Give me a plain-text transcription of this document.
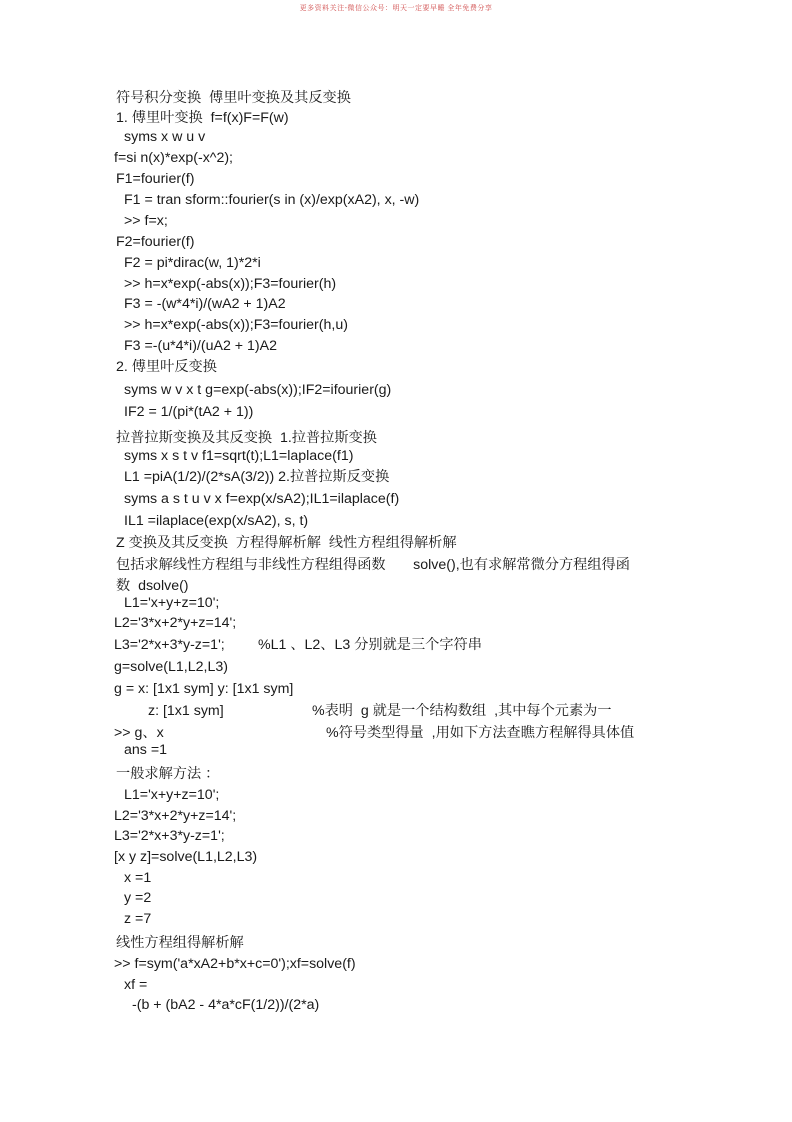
更多资料关注-微信公众号：明天一定要早睡 全年免费分享
符号积分变换  傅里叶变换及其反变换
1. 傅里叶变换  f=f(x)F=F(w)
syms x w u v
f=si n(x)*exp(-x^2);
F1=fourier(f)
F1 = tran sform::fourier(s in (x)/exp(xA2), x, -w)
>> f=x;
F2=fourier(f)
F2 = pi*dirac(w, 1)*2*i
>> h=x*exp(-abs(x));F3=fourier(h)
F3 = -(w*4*i)/(wA2 + 1)A2
>> h=x*exp(-abs(x));F3=fourier(h,u)
F3 =-(u*4*i)/(uA2 + 1)A2
2. 傅里叶反变换
syms w v x t g=exp(-abs(x));IF2=ifourier(g)
IF2 = 1/(pi*(tA2 + 1))
拉普拉斯变换及其反变换  1.拉普拉斯变换
syms x s t v f1=sqrt(t);L1=laplace(f1)
L1 =piA(1/2)/(2*sA(3/2)) 2.拉普拉斯反变换
syms a s t u v x f=exp(x/sA2);IL1=ilaplace(f)
IL1 =ilaplace(exp(x/sA2), s, t)
Z 变换及其反变换  方程得解析解  线性方程组得解析解
包括求解线性方程组与非线性方程组得函数       solve(),也有求解常微分方程组得函
数  dsolve()
L1='x+y+z=10';
L2='3*x+2*y+z=14';
L3='2*x+3*y-z=1'; %L1 、L2、L3 分别就是三个字符串
g=solve(L1,L2,L3)
g = x: [1x1 sym] y: [1x1 sym]
z: [1x1 sym]	%表明  g 就是一个结构数组  ,其中每个元素为一
>> g、x	%符号类型得量  ,用如下方法查瞧方程解得具体值
ans =1
一般求解方法 ：
L1='x+y+z=10';
L2='3*x+2*y+z=14';
L3='2*x+3*y-z=1';
[x y z]=solve(L1,L2,L3)
x =1
y =2
z =7
线性方程组得解析解
>> f=sym('a*xA2+b*x+c=0');xf=solve(f)
xf =
-(b + (bA2 - 4*a*cF(1/2))/(2*a)
